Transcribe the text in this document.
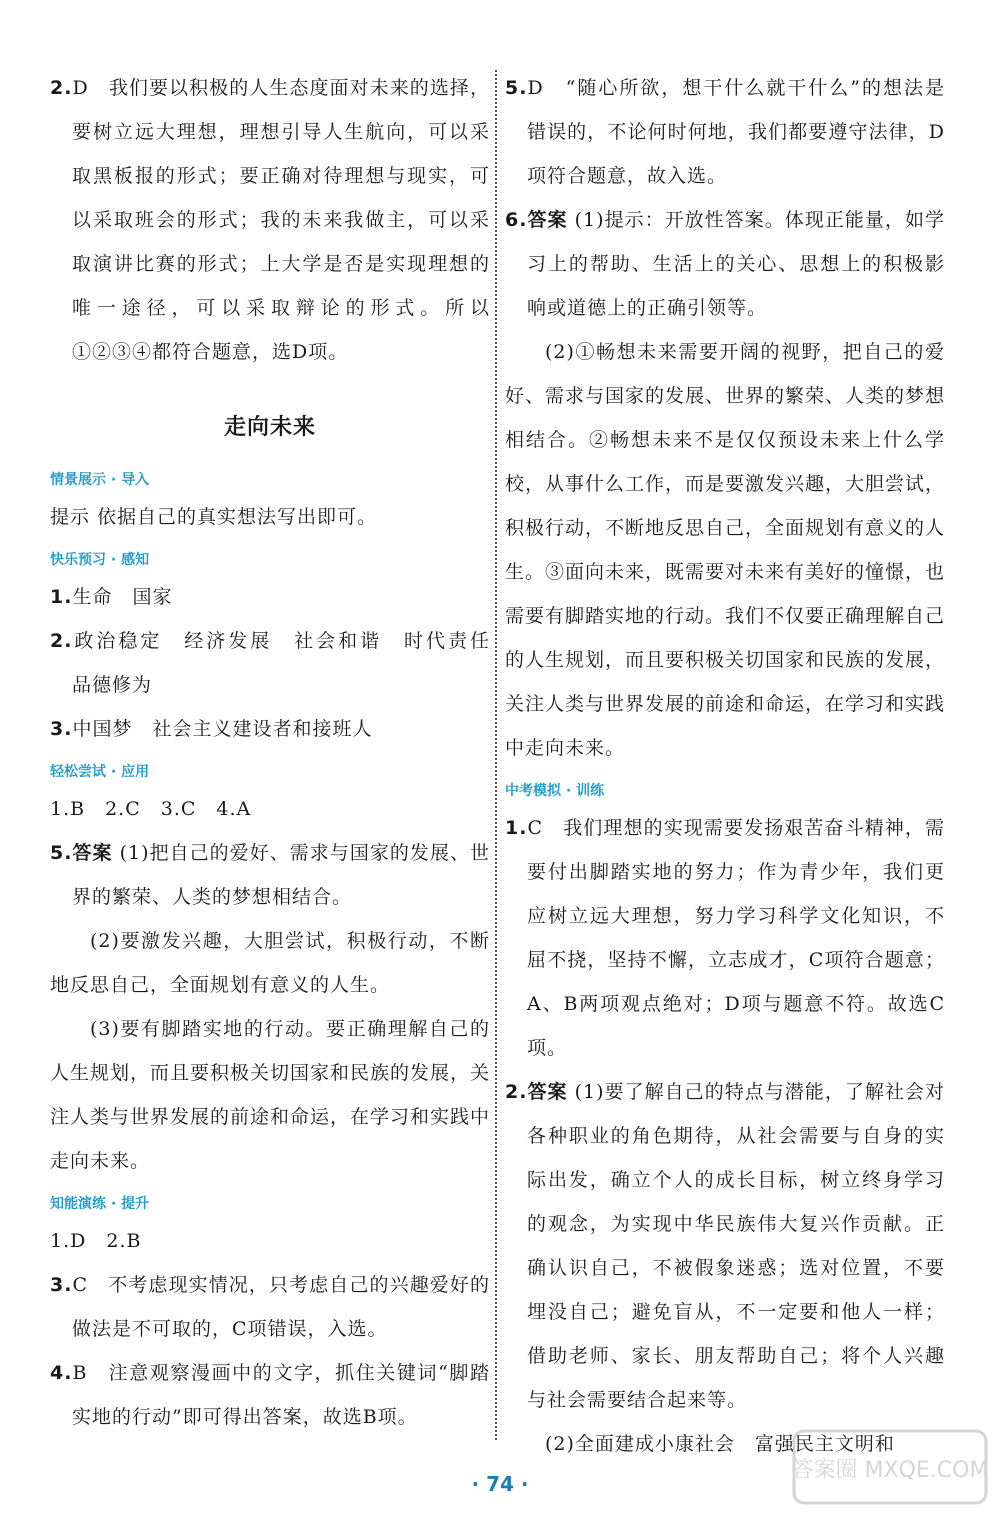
2.D　我们要以积极的人生态度面对未来的选择，要树立远大理想，理想引导人生航向，可以采取黑板报的形式；要正确对待理想与现实，可以采取班会的形式；我的未来我做主，可以采取演讲比赛的形式；上大学是否是实现理想的唯一途径，可以采取辩论的形式。所以①②③④都符合题意，选D项。

走向未来
情景展示 · 导入

提示 依据自己的真实想法写出即可。

快乐预习 · 感知

1.生命　国家

2.政治稳定　经济发展　社会和谐　时代责任　品德修为

3.中国梦　社会主义建设者和接班人

轻松尝试 · 应用

1.B　2.C　3.C　4.A

5.答案 (1)把自己的爱好、需求与国家的发展、世界的繁荣、人类的梦想相结合。

(2)要激发兴趣，大胆尝试，积极行动，不断地反思自己，全面规划有意义的人生。

(3)要有脚踏实地的行动。要正确理解自己的人生规划，而且要积极关切国家和民族的发展，关注人类与世界发展的前途和命运，在学习和实践中走向未来。

知能演练 · 提升

1.D　2.B

3.C　不考虑现实情况，只考虑自己的兴趣爱好的做法是不可取的，C项错误，入选。

4.B　注意观察漫画中的文字，抓住关键词“脚踏实地的行动”即可得出答案，故选B项。

5.D　“随心所欲，想干什么就干什么”的想法是错误的，不论何时何地，我们都要遵守法律，D项符合题意，故入选。

6.答案 (1)提示：开放性答案。体现正能量，如学习上的帮助、生活上的关心、思想上的积极影响或道德上的正确引领等。

(2)①畅想未来需要开阔的视野，把自己的爱好、需求与国家的发展、世界的繁荣、人类的梦想相结合。②畅想未来不是仅仅预设未来上什么学校，从事什么工作，而是要激发兴趣，大胆尝试，积极行动，不断地反思自己，全面规划有意义的人生。③面向未来，既需要对未来有美好的憧憬，也需要有脚踏实地的行动。我们不仅要正确理解自己的人生规划，而且要积极关切国家和民族的发展，关注人类与世界发展的前途和命运，在学习和实践中走向未来。

中考模拟 · 训练

1.C　我们理想的实现需要发扬艰苦奋斗精神，需要付出脚踏实地的努力；作为青少年，我们更应树立远大理想，努力学习科学文化知识，不屈不挠，坚持不懈，立志成才，C项符合题意；A、B两项观点绝对；D项与题意不符。故选C项。

2.答案 (1)要了解自己的特点与潜能，了解社会对各种职业的角色期待，从社会需要与自身的实际出发，确立个人的成长目标，树立终身学习的观念，为实现中华民族伟大复兴作贡献。正确认识自己，不被假象迷惑；选对位置，不要埋没自己；避免盲从，不一定要和他人一样；借助老师、家长、朋友帮助自己；将个人兴趣与社会需要结合起来等。

(2)全面建成小康社会　富强民主文明和

· 74 ·
答案圈 MXQE.COM
